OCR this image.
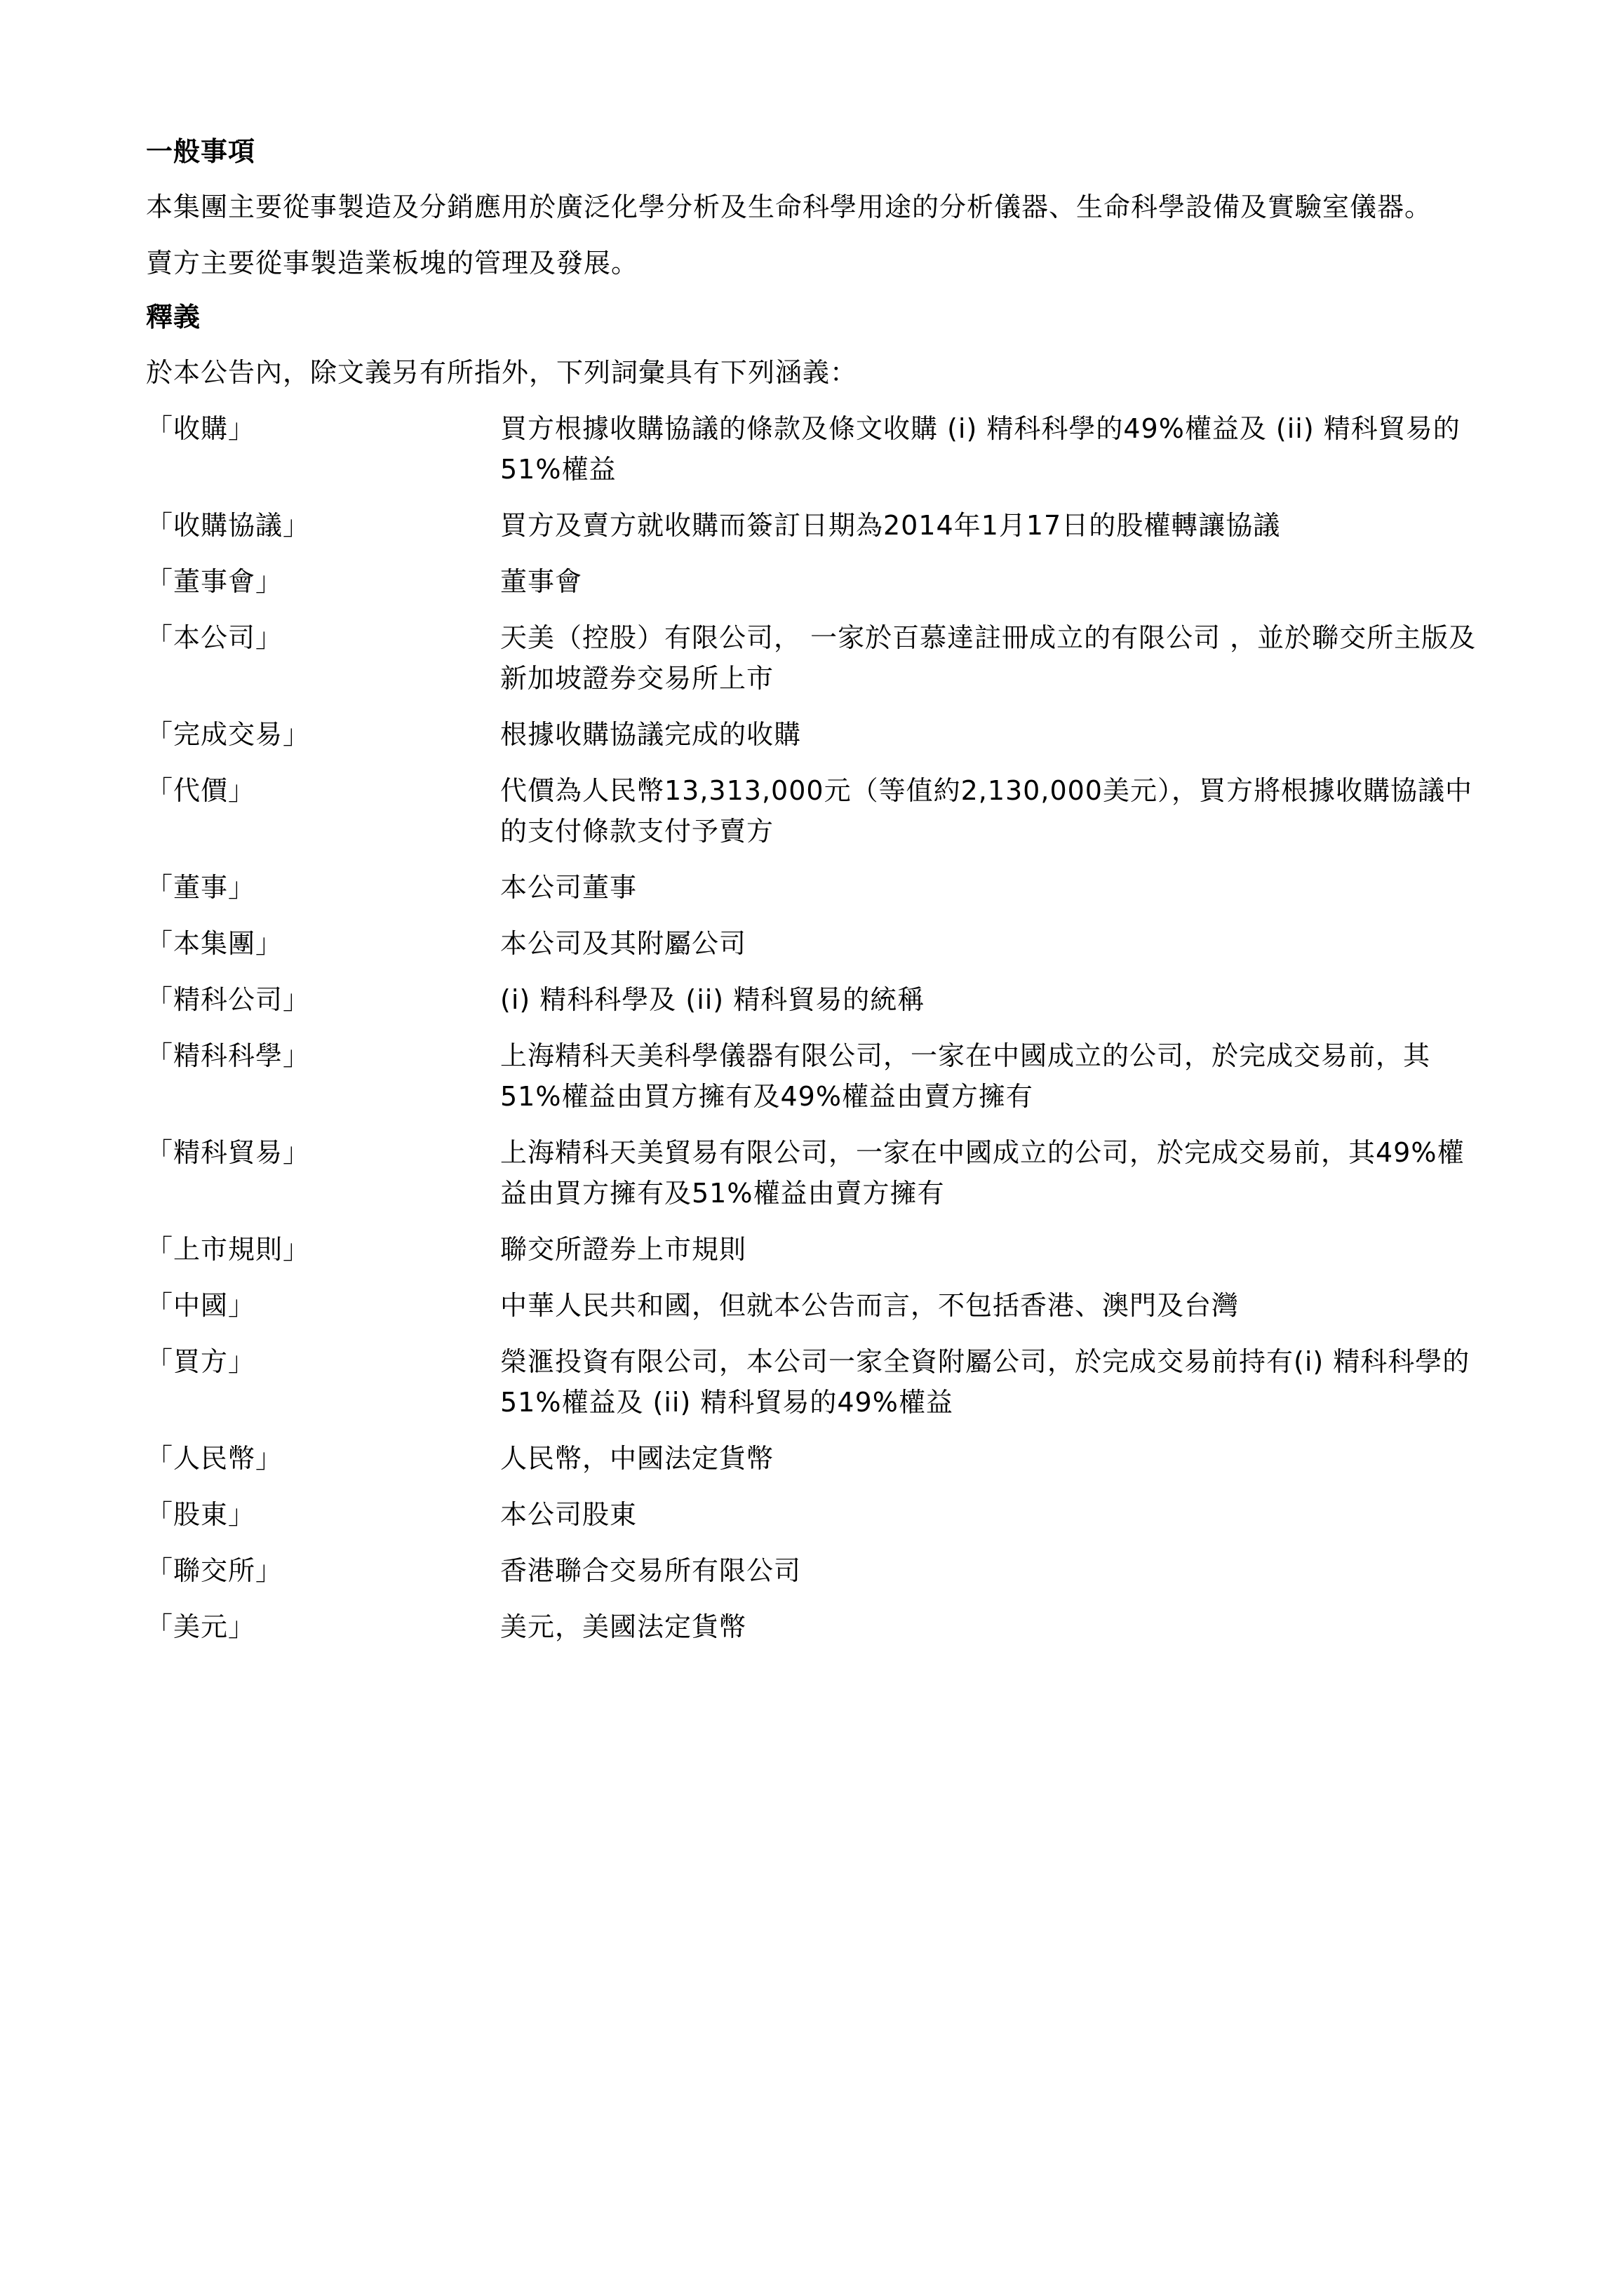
一般事項
本集團主要從事製造及分銷應用於廣泛化學分析及生命科學用途的分析儀器、生命科學設備及實驗室儀器。
賣方主要從事製造業板塊的管理及發展。
釋義
於本公告內，除文義另有所指外，下列詞彙具有下列涵義：
「收購」	買方根據收購協議的條款及條文收購 (i) 精科科學的49%權益及 (ii) 精科貿易的51%權益
「收購協議」	買方及賣方就收購而簽訂日期為2014年1月17日的股權轉讓協議
「董事會」	董事會
「本公司」	天美（控股）有限公司， 一家於百慕達註冊成立的有限公司 ，並於聯交所主版及新加坡證券交易所上市
「完成交易」	根據收購協議完成的收購
「代價」	代價為人民幣13,313,000元（等值約2,130,000美元），買方將根據收購協議中的支付條款支付予賣方
「董事」	本公司董事
「本集團」	本公司及其附屬公司
「精科公司」	(i) 精科科學及 (ii) 精科貿易的統稱
「精科科學」	上海精科天美科學儀器有限公司，一家在中國成立的公司，於完成交易前，其51%權益由買方擁有及49%權益由賣方擁有
「精科貿易」	上海精科天美貿易有限公司，一家在中國成立的公司，於完成交易前，其49%權益由買方擁有及51%權益由賣方擁有
「上市規則」	聯交所證券上市規則
「中國」	中華人民共和國，但就本公告而言，不包括香港、澳門及台灣
「買方」	榮滙投資有限公司，本公司一家全資附屬公司，於完成交易前持有(i) 精科科學的51%權益及 (ii) 精科貿易的49%權益
「人民幣」	人民幣，中國法定貨幣
「股東」	本公司股東
「聯交所」	香港聯合交易所有限公司
「美元」	美元，美國法定貨幣
